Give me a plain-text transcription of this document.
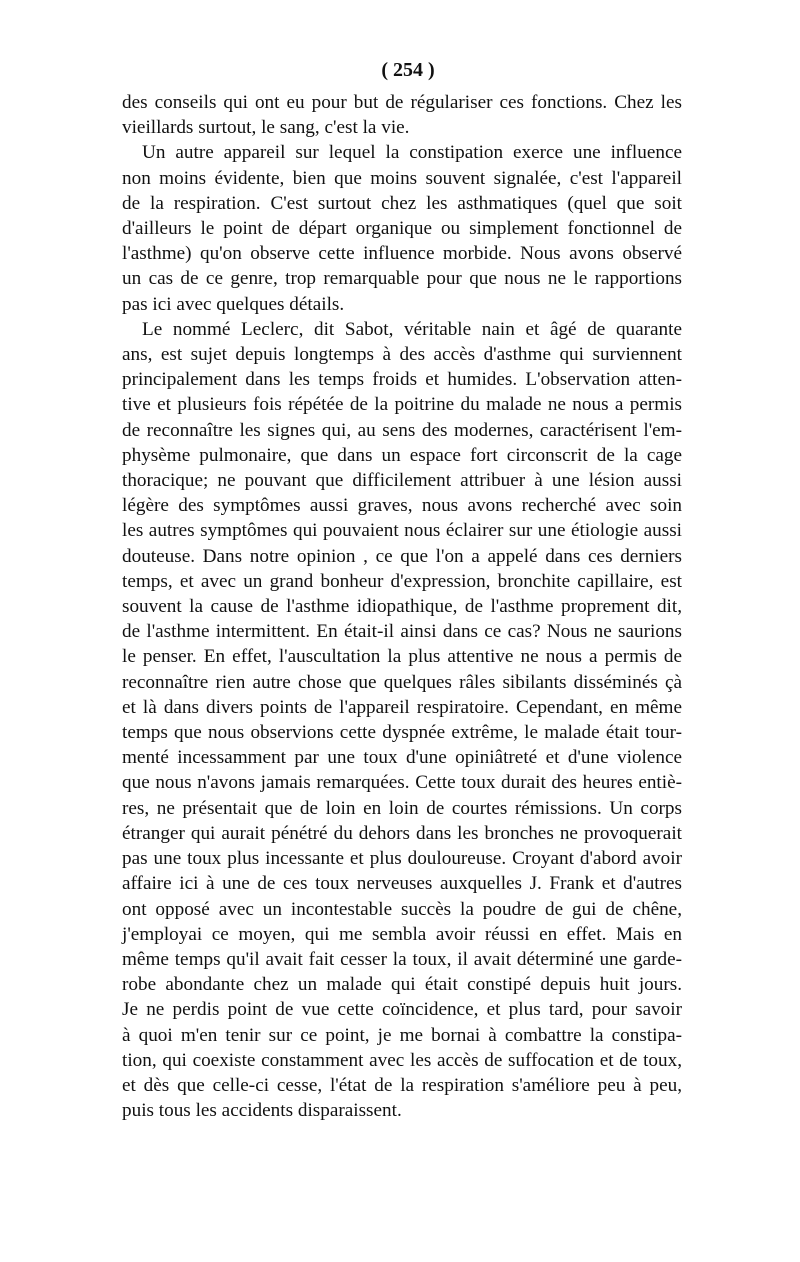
( 254 )
des conseils qui ont eu pour but de régulariser ces fonctions. Chez les
vieillards surtout, le sang, c'est la vie.
Un autre appareil sur lequel la constipation exerce une influence
non moins évidente, bien que moins souvent signalée, c'est l'appareil
de la respiration. C'est surtout chez les asthmatiques (quel que soit
d'ailleurs le point de départ organique ou simplement fonctionnel de
l'asthme) qu'on observe cette influence morbide. Nous avons observé
un cas de ce genre, trop remarquable pour que nous ne le rapportions
pas ici avec quelques détails.
Le nommé Leclerc, dit Sabot, véritable nain et âgé de quarante
ans, est sujet depuis longtemps à des accès d'asthme qui surviennent
principalement dans les temps froids et humides. L'observation atten-
tive et plusieurs fois répétée de la poitrine du malade ne nous a permis
de reconnaître les signes qui, au sens des modernes, caractérisent l'em-
physème pulmonaire, que dans un espace fort circonscrit de la cage
thoracique; ne pouvant que difficilement attribuer à une lésion aussi
légère des symptômes aussi graves, nous avons recherché avec soin
les autres symptômes qui pouvaient nous éclairer sur une étiologie aussi
douteuse. Dans notre opinion , ce que l'on a appelé dans ces derniers
temps, et avec un grand bonheur d'expression, bronchite capillaire, est
souvent la cause de l'asthme idiopathique, de l'asthme proprement dit,
de l'asthme intermittent. En était-il ainsi dans ce cas? Nous ne saurions
le penser. En effet, l'auscultation la plus attentive ne nous a permis de
reconnaître rien autre chose que quelques râles sibilants disséminés çà
et là dans divers points de l'appareil respiratoire. Cependant, en même
temps que nous observions cette dyspnée extrême, le malade était tour-
menté incessamment par une toux d'une opiniâtreté et d'une violence
que nous n'avons jamais remarquées. Cette toux durait des heures entiè-
res, ne présentait que de loin en loin de courtes rémissions. Un corps
étranger qui aurait pénétré du dehors dans les bronches ne provoquerait
pas une toux plus incessante et plus douloureuse. Croyant d'abord avoir
affaire ici à une de ces toux nerveuses auxquelles J. Frank et d'autres
ont opposé avec un incontestable succès la poudre de gui de chêne,
j'employai ce moyen, qui me sembla avoir réussi en effet. Mais en
même temps qu'il avait fait cesser la toux, il avait déterminé une garde-
robe abondante chez un malade qui était constipé depuis huit jours.
Je ne perdis point de vue cette coïncidence, et plus tard, pour savoir
à quoi m'en tenir sur ce point, je me bornai à combattre la constipa-
tion, qui coexiste constamment avec les accès de suffocation et de toux,
et dès que celle-ci cesse, l'état de la respiration s'améliore peu à peu,
puis tous les accidents disparaissent.
